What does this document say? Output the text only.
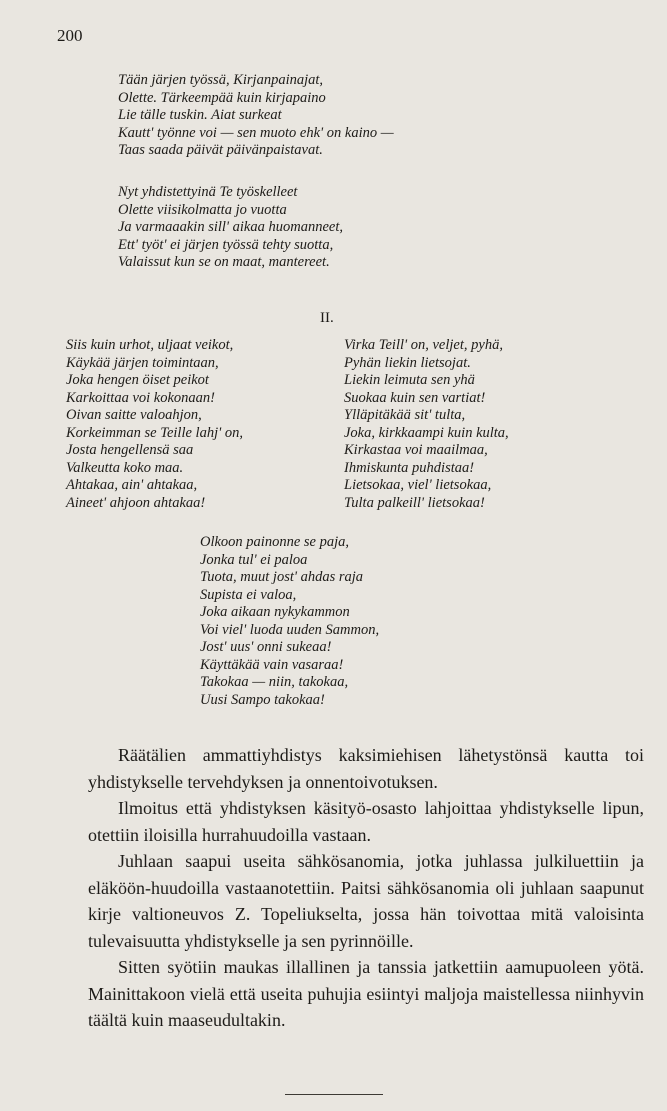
200
Tään järjen työssä, Kirjanpainajat,
Olette. Tärkeempää kuin kirjapaino
Lie tälle tuskin. Aiat surkeat
Kautt' työnne voi — sen muoto ehk' on kaino —
Taas saada päivät päivänpaistavat.
Nyt yhdistettyinä Te työskelleet
Olette viisikolmatta jo vuotta
Ja varmaaakin sill' aikaa huomanneet,
Ett' työt' ei järjen työssä tehty suotta,
Valaissut kun se on maat, mantereet.
II.
Siis kuin urhot, uljaat veikot,
Käykää järjen toimintaan,
Joka hengen öiset peikot
Karkoittaa voi kokonaan!
Oivan saitte valoahjon,
Korkeimman se Teille lahj' on,
Josta hengellensä saa
Valkeutta koko maa.
Ahtakaa, ain' ahtakaa,
Aineet' ahjoon ahtakaa!
Virka Teill' on, veljet, pyhä,
Pyhän liekin lietsojat.
Liekin leimuta sen yhä
Suokaa kuin sen vartiat!
Ylläpitäkää sit' tulta,
Joka, kirkkaampi kuin kulta,
Kirkastaa voi maailmaa,
Ihmiskunta puhdistaa!
Lietsokaa, viel' lietsokaa,
Tulta palkeill' lietsokaa!
Olkoon painonne se paja,
Jonka tul' ei paloa
Tuota, muut jost' ahdas raja
Supista ei valoa,
Joka aikaan nykykammon
Voi viel' luoda uuden Sammon,
Jost' uus' onni sukeaa!
Käyttäkää vain vasaraa!
Takokaa — niin, takokaa,
Uusi Sampo takokaa!

Räätälien ammattiyhdistys kaksimiehisen lähetystönsä kautta toi yhdistykselle tervehdyksen ja onnentoivotuksen.

Ilmoitus että yhdistyksen käsityö-osasto lahjoittaa yhdistykselle lipun, otettiin iloisilla hurrahuudoilla vastaan.

Juhlaan saapui useita sähkösanomia, jotka juhlassa julkiluettiin ja eläköön-huudoilla vastaanotettiin. Paitsi sähkösanomia oli juhlaan saapunut kirje valtioneuvos Z. Topeliukselta, jossa hän toivottaa mitä valoisinta tulevaisuutta yhdistykselle ja sen pyrinnöille.

Sitten syötiin maukas illallinen ja tanssia jatkettiin aamupuoleen yötä. Mainittakoon vielä että useita puhujia esiintyi maljoja maistellessa niinhyvin täältä kuin maaseudultakin.
